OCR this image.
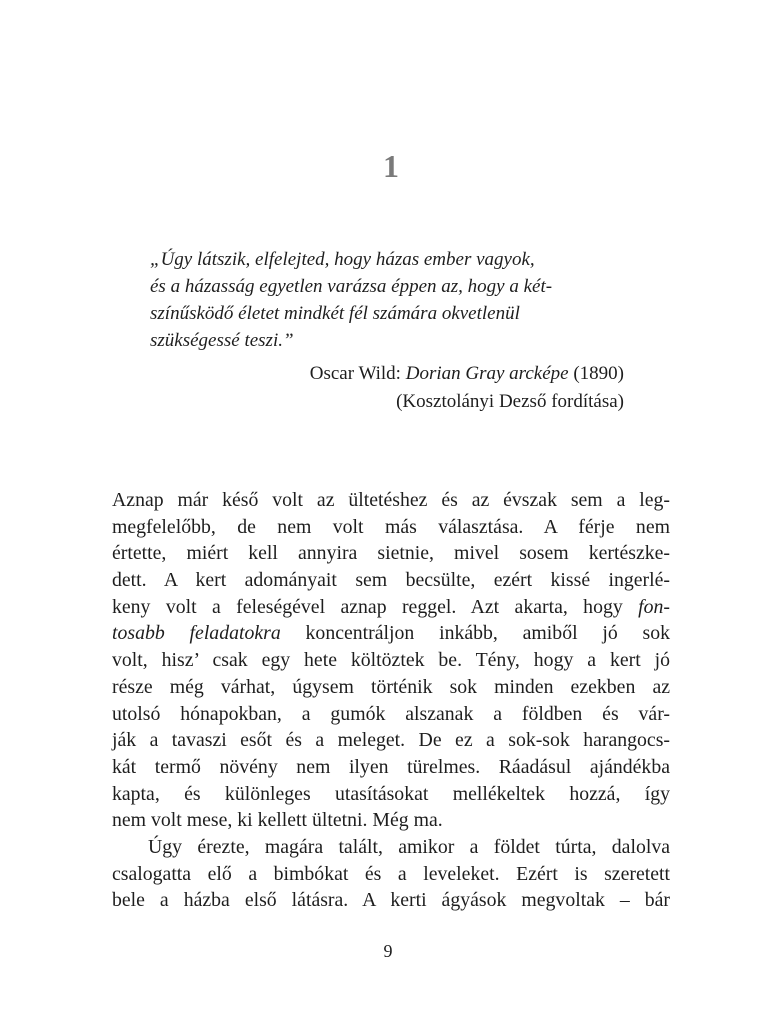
1
„Úgy látszik, elfelejted, hogy házas ember vagyok,
és a házasság egyetlen varázsa éppen az, hogy a két-
színűsködő életet mindkét fél számára okvetlenül
szükségessé teszi.”
Oscar Wild: Dorian Gray arcképe (1890)
(Kosztolányi Dezső fordítása)
Aznap már késő volt az ültetéshez és az évszak sem a leg-
megfelelőbb, de nem volt más választása. A férje nem
értette, miért kell annyira sietnie, mivel sosem kertészke-
dett. A kert adományait sem becsülte, ezért kissé ingerlé-
keny volt a feleségével aznap reggel. Azt akarta, hogy fon-
tosabb feladatokra koncentráljon inkább, amiből jó sok
volt, hisz’ csak egy hete költöztek be. Tény, hogy a kert jó
része még várhat, úgysem történik sok minden ezekben az
utolsó hónapokban, a gumók alszanak a földben és vár-
ják a tavaszi esőt és a meleget. De ez a sok-sok harangocs-
kát termő növény nem ilyen türelmes. Ráadásul ajándékba
kapta, és különleges utasításokat mellékeltek hozzá, így
nem volt mese, ki kellett ültetni. Még ma.
Úgy érezte, magára talált, amikor a földet túrta, dalolva
csalogatta elő a bimbókat és a leveleket. Ezért is szeretett
bele a házba első látásra. A kerti ágyások megvoltak – bár
9
